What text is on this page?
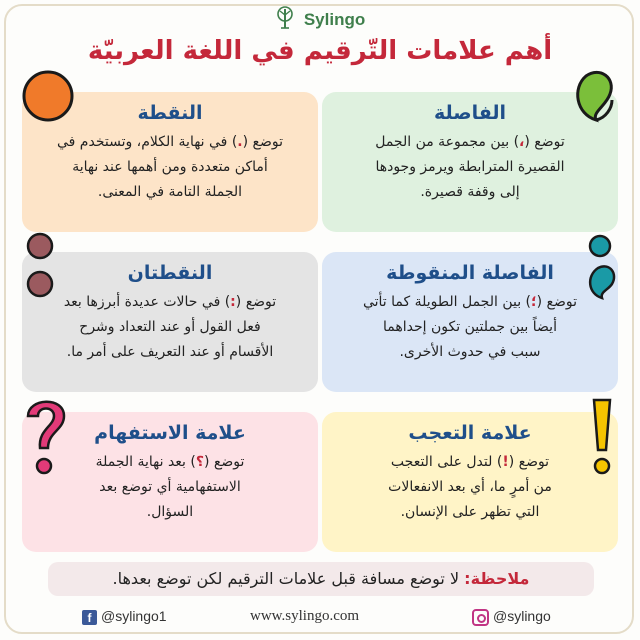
Sylingo
أهم علامات التّرقيم في اللغة العربيّة
الفاصلة

توضع (،) بين مجموعة من الجمل
القصيرة المترابطة ويرمز وجودها
إلى وقفة قصيرة.

النقطة

توضع (.) في نهاية الكلام، وتستخدم في
أماكن متعددة ومن أهمها عند نهاية
الجملة التامة في المعنى.

الفاصلة المنقوطة

توضع (؛) بين الجمل الطويلة كما تأتي
أيضاً بين جملتين تكون إحداهما
سبب في حدوث الأخرى.

النقطتان

توضع (:) في حالات عديدة أبرزها بعد
فعل القول أو عند التعداد وشرح
الأقسام أو عند التعريف على أمر ما.

علامة التعجب

توضع (!) لتدل على التعجب
من أمرٍ ما، أي بعد الانفعالات
التي تظهر على الإنسان.

علامة الاستفهام

توضع (؟) بعد نهاية الجملة
الاستفهامية أي توضع بعد
السؤال.

ملاحظة: لا توضع مسافة قبل علامات الترقيم لكن توضع بعدها.
f @sylingo1	www.sylingo.com	@sylingo
